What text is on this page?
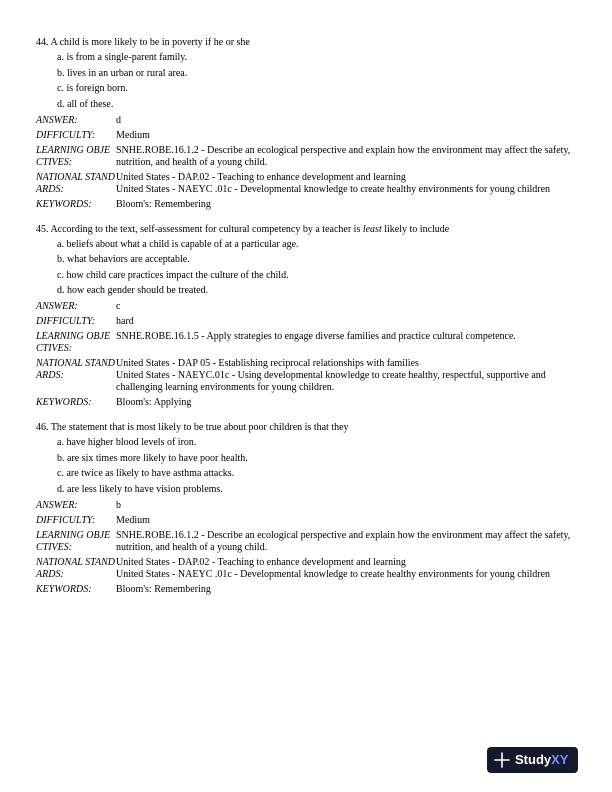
44. A child is more likely to be in poverty if he or she
a. is from a single-parent family.
b. lives in an urban or rural area.
c. is foreign born.
d. all of these.
ANSWER:	d
DIFFICULTY:	Medium
LEARNING OBJECTIVES:
SNHE.ROBE.16.1.2 - Describe an ecological perspective and explain how the environment may affect the safety, nutrition, and health of a young child.
NATIONAL STANDARDS:
United States - DAP.02 - Teaching to enhance development and learning
United States - NAEYC .01c - Developmental knowledge to create healthy environments for young children
KEYWORDS:	Bloom's: Remembering
45. According to the text, self-assessment for cultural competency by a teacher is least likely to include
a. beliefs about what a child is capable of at a particular age.
b. what behaviors are acceptable.
c. how child care practices impact the culture of the child.
d. how each gender should be treated.
ANSWER:	c
DIFFICULTY:	hard
LEARNING OBJECTIVES:
SNHE.ROBE.16.1.5 - Apply strategies to engage diverse families and practice cultural competence.
NATIONAL STANDARDS:
United States - DAP 05 - Establishing reciprocal relationships with families
United States - NAEYC.01c - Using developmental knowledge to create healthy, respectful, supportive and challenging learning environments for young children.
KEYWORDS:	Bloom's: Applying
46. The statement that is most likely to be true about poor children is that they
a. have higher blood levels of iron.
b. are six times more likely to have poor health.
c. are twice as likely to have asthma attacks.
d. are less likely to have vision problems.
ANSWER:	b
DIFFICULTY:	Medium
LEARNING OBJECTIVES:
SNHE.ROBE.16.1.2 - Describe an ecological perspective and explain how the environment may affect the safety, nutrition, and health of a young child.
NATIONAL STANDARDS:
United States - DAP.02 - Teaching to enhance development and learning
United States - NAEYC .01c - Developmental knowledge to create healthy environments for young children
KEYWORDS:	Bloom's: Remembering
Study XY
